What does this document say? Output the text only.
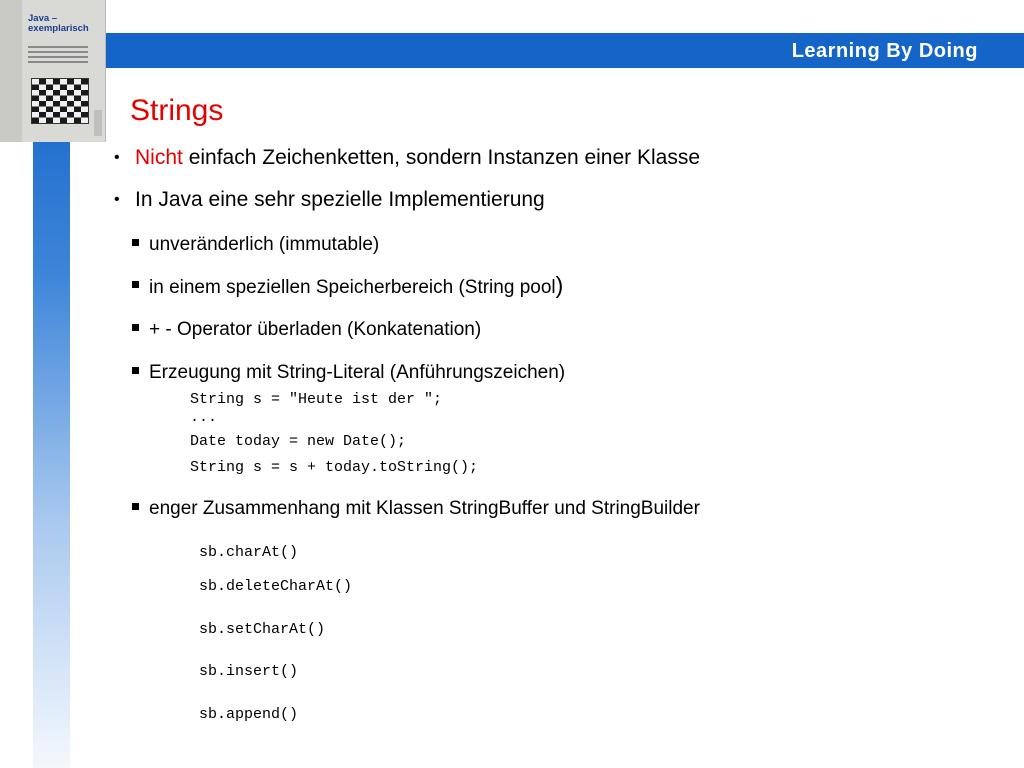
Learning By Doing
Java –
exemplarisch
Strings
• Nicht einfach Zeichenketten, sondern Instanzen einer Klasse
• In Java eine sehr spezielle Implementierung
unveränderlich (immutable)
in einem speziellen Speicherbereich (String pool)
+ - Operator überladen (Konkatenation)
Erzeugung mit String-Literal (Anführungszeichen)
String s = "Heute ist der ";
...
Date today = new Date();
String s = s + today.toString();
enger Zusammenhang mit Klassen StringBuffer und StringBuilder
sb.charAt()
sb.deleteCharAt()
sb.setCharAt()
sb.insert()
sb.append()
